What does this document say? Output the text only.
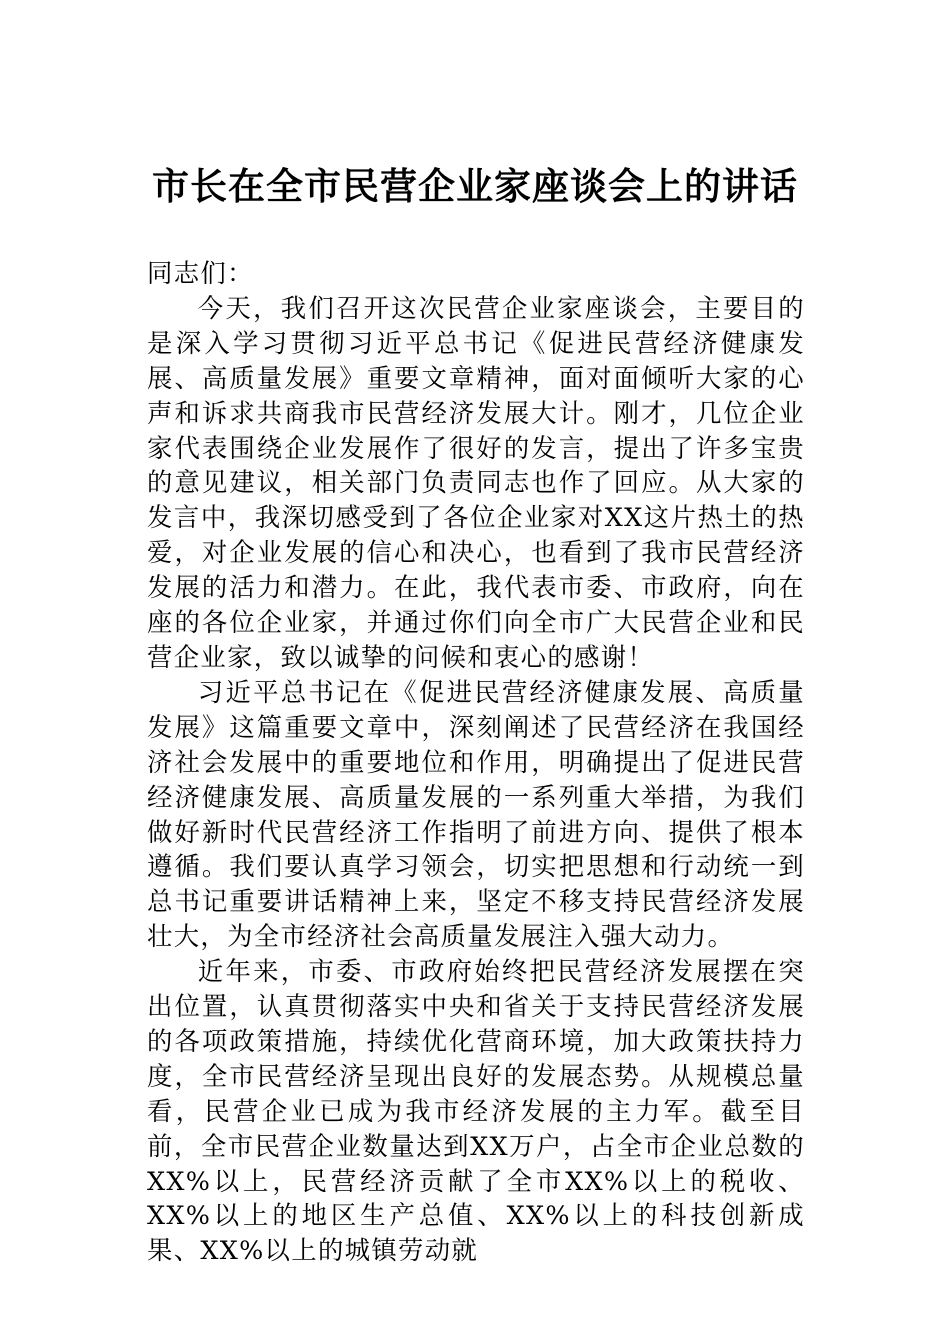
市长在全市民营企业家座谈会上的讲话

同志们：

今天，我们召开这次民营企业家座谈会，主要目的是深入学习贯彻习近平总书记《促进民营经济健康发展、高质量发展》重要文章精神，面对面倾听大家的心声和诉求共商我市民营经济发展大计。刚才，几位企业家代表围绕企业发展作了很好的发言，提出了许多宝贵的意见建议，相关部门负责同志也作了回应。从大家的发言中，我深切感受到了各位企业家对XX这片热土的热爱，对企业发展的信心和决心，也看到了我市民营经济发展的活力和潜力。在此，我代表市委、市政府，向在座的各位企业家，并通过你们向全市广大民营企业和民营企业家，致以诚挚的问候和衷心的感谢！

习近平总书记在《促进民营经济健康发展、高质量发展》这篇重要文章中，深刻阐述了民营经济在我国经济社会发展中的重要地位和作用，明确提出了促进民营经济健康发展、高质量发展的一系列重大举措，为我们做好新时代民营经济工作指明了前进方向、提供了根本遵循。我们要认真学习领会，切实把思想和行动统一到总书记重要讲话精神上来，坚定不移支持民营经济发展壮大，为全市经济社会高质量发展注入强大动力。

近年来，市委、市政府始终把民营经济发展摆在突出位置，认真贯彻落实中央和省关于支持民营经济发展的各项政策措施，持续优化营商环境，加大政策扶持力度，全市民营经济呈现出良好的发展态势。从规模总量看，民营企业已成为我市经济发展的主力军。截至目前，全市民营企业数量达到XX万户，占全市企业总数的XX%以上，民营经济贡献了全市XX%以上的税收、XX%以上的地区生产总值、XX%以上的科技创新成果、XX%以上的城镇劳动就
